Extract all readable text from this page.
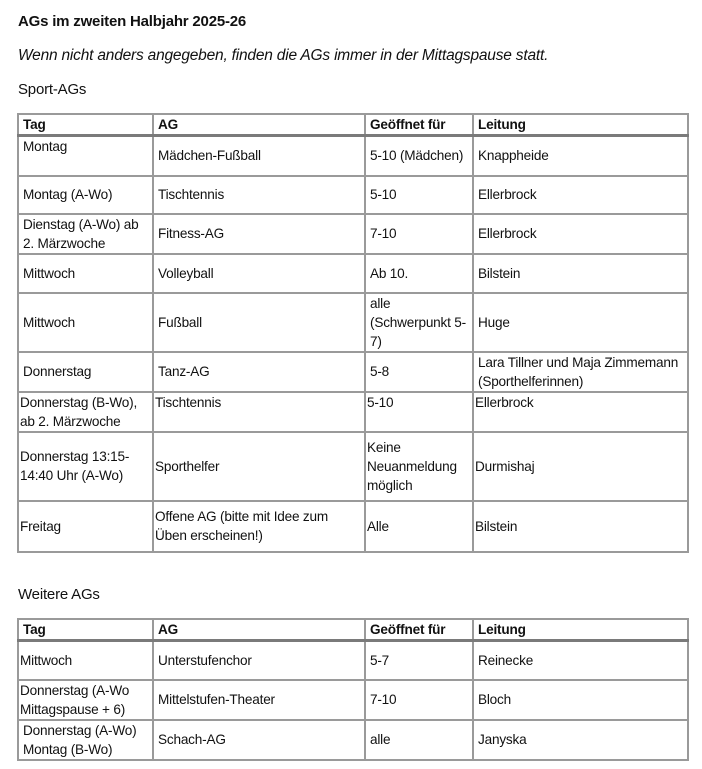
AGs im zweiten Halbjahr 2025-26
Wenn nicht anders angegeben, finden die AGs immer in der Mittagspause statt.
Sport-AGs
Tag	AG	Geöffnet für	Leitung
Montag	Mädchen-Fußball	5-10 (Mädchen)	Knappheide
Montag (A-Wo)	Tischtennis	5-10	Ellerbrock
Dienstag (A-Wo) ab 2. Märzwoche	Fitness-AG	7-10	Ellerbrock
Mittwoch	Volleyball	Ab 10.	Bilstein
Mittwoch	Fußball	alle (Schwerpunkt 5-7)	Huge
Donnerstag	Tanz-AG	5-8	Lara Tillner und Maja Zimmemann (Sporthelferinnen)
Donnerstag (B-Wo), ab 2. Märzwoche	Tischtennis	5-10	Ellerbrock
Donnerstag 13:15-14:40 Uhr (A-Wo)	Sporthelfer	Keine Neuanmeldung möglich	Durmishaj
Freitag	Offene AG (bitte mit Idee zum Üben erscheinen!)	Alle	Bilstein
Weitere AGs
Tag	AG	Geöffnet für	Leitung
Mittwoch	Unterstufenchor	5-7	Reinecke
Donnerstag (A-Wo Mittagspause + 6)	Mittelstufen-Theater	7-10	Bloch
Donnerstag (A-Wo) Montag (B-Wo)	Schach-AG	alle	Janyska
